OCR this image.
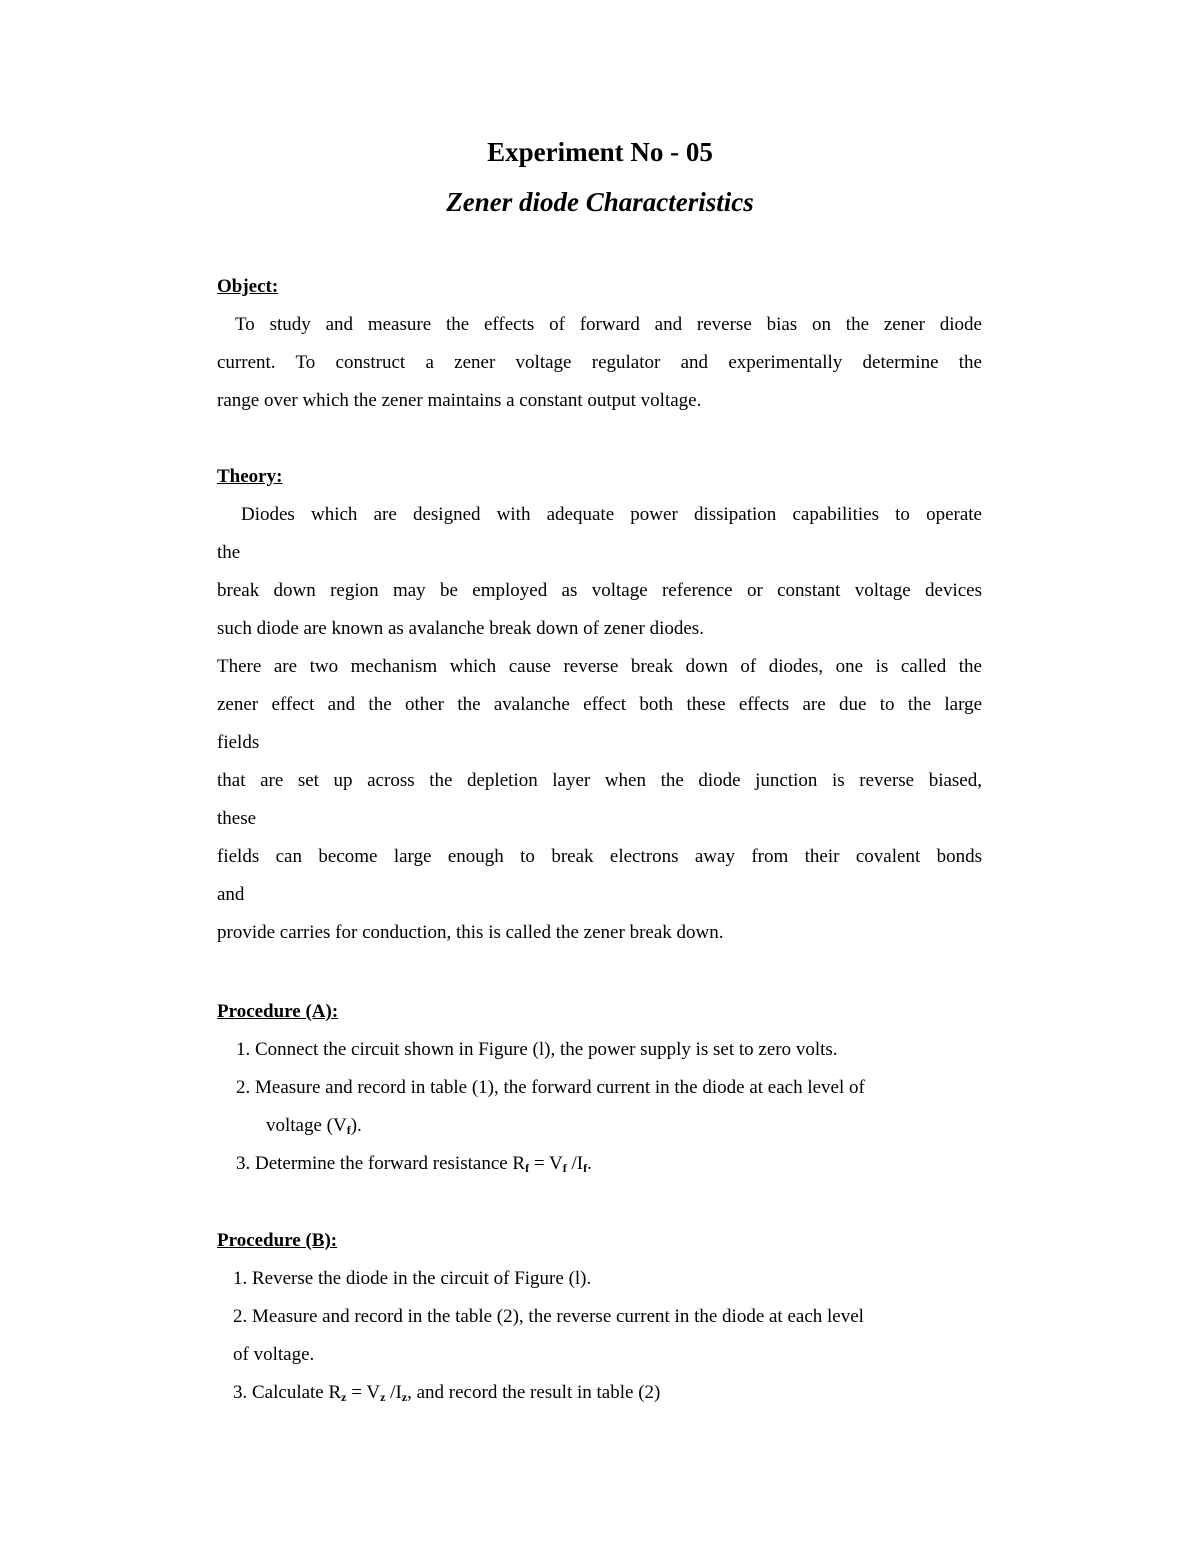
Experiment No - 05
Zener diode Characteristics
Object:
To study and measure the effects of forward and reverse bias on the zener diode
current. To construct a zener voltage regulator and experimentally determine the
range over which the zener maintains a constant output voltage.
Theory:
Diodes which are designed with adequate power dissipation capabilities to operate
the
break down region may be employed as voltage reference or constant voltage devices
such diode are known as avalanche break down of zener diodes.
There are two mechanism which cause reverse break down of diodes, one is called the
zener effect and the other the avalanche effect both these effects are due to the large
fields
that are set up across the depletion layer when the diode junction is reverse biased,
these
fields can become large enough to break electrons away from their covalent bonds
and
provide carries for conduction, this is called the zener break down.
Procedure (A):
1. Connect the circuit shown in Figure (l), the power supply is set to zero volts.
2. Measure and record in table (1), the forward current in the diode at each level of
voltage $(V_f)$.
3. Determine the forward resistance $R_f = V_f$ $/I_f$.
Procedure (B):
1. Reverse the diode in the circuit of Figure (l).
2. Measure and record in the table (2), the reverse current in the diode at each level
of voltage.
3. Calculate $R_z = V_z$ $/I_z$, and record the result in table (2)
